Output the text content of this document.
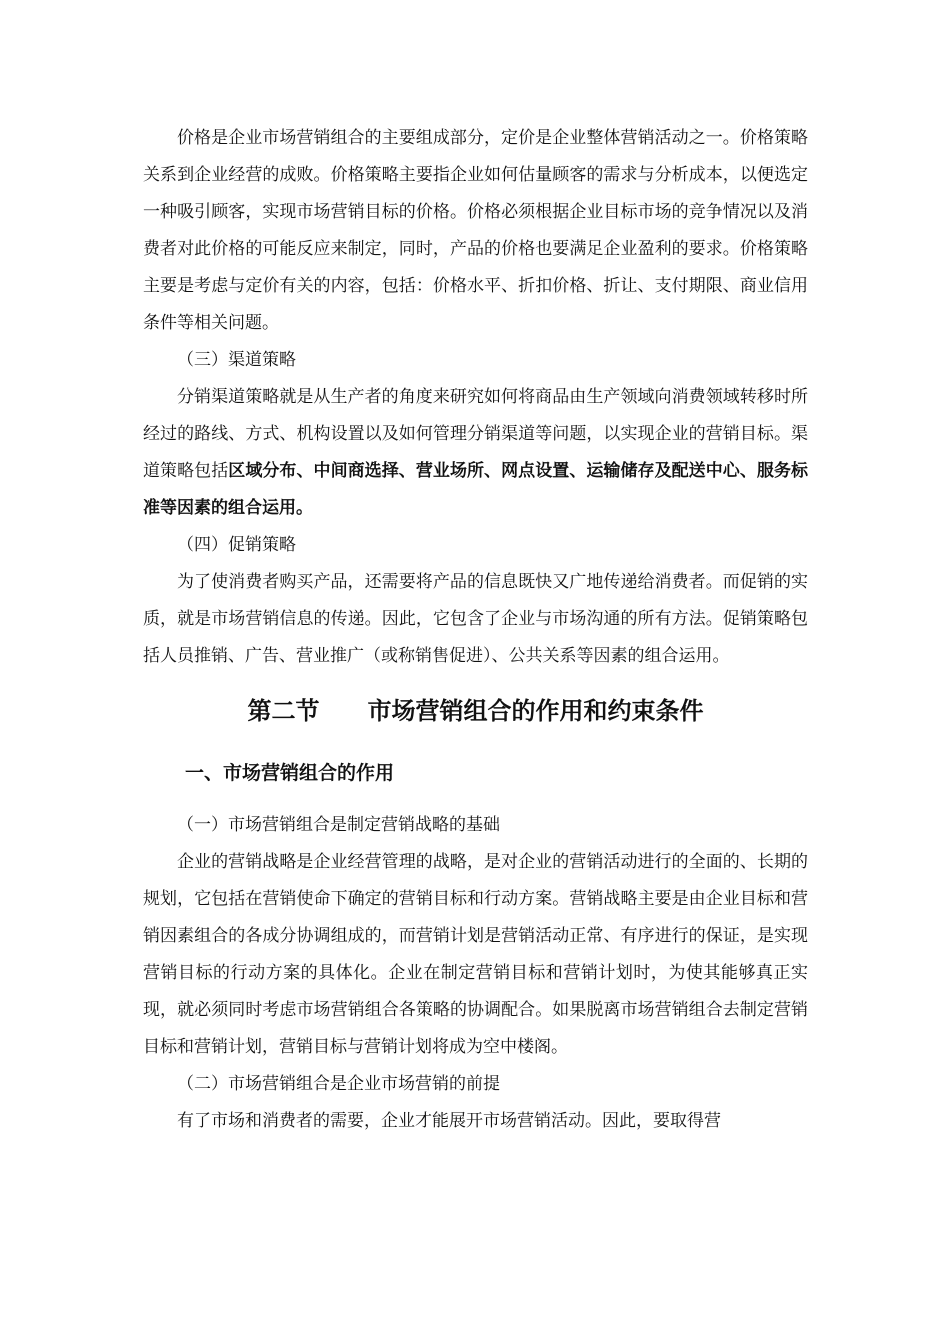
价格是企业市场营销组合的主要组成部分，定价是企业整体营销活动之一。价格策略关系到企业经营的成败。价格策略主要指企业如何估量顾客的需求与分析成本，以便选定一种吸引顾客，实现市场营销目标的价格。价格必须根据企业目标市场的竞争情况以及消费者对此价格的可能反应来制定，同时，产品的价格也要满足企业盈利的要求。价格策略主要是考虑与定价有关的内容，包括：价格水平、折扣价格、折让、支付期限、商业信用条件等相关问题。

（三）渠道策略

分销渠道策略就是从生产者的角度来研究如何将商品由生产领域向消费领域转移时所经过的路线、方式、机构设置以及如何管理分销渠道等问题，以实现企业的营销目标。渠道策略包括区域分布、中间商选择、营业场所、网点设置、运输储存及配送中心、服务标准等因素的组合运用。

（四）促销策略

为了使消费者购买产品，还需要将产品的信息既快又广地传递给消费者。而促销的实质，就是市场营销信息的传递。因此，它包含了企业与市场沟通的所有方法。促销策略包括人员推销、广告、营业推广（或称销售促进）、公共关系等因素的组合运用。

第二节　　市场营销组合的作用和约束条件
一、市场营销组合的作用

（一）市场营销组合是制定营销战略的基础

企业的营销战略是企业经营管理的战略，是对企业的营销活动进行的全面的、长期的规划，它包括在营销使命下确定的营销目标和行动方案。营销战略主要是由企业目标和营销因素组合的各成分协调组成的，而营销计划是营销活动正常、有序进行的保证，是实现营销目标的行动方案的具体化。企业在制定营销目标和营销计划时，为使其能够真正实现，就必须同时考虑市场营销组合各策略的协调配合。如果脱离市场营销组合去制定营销目标和营销计划，营销目标与营销计划将成为空中楼阁。

（二）市场营销组合是企业市场营销的前提

有了市场和消费者的需要，企业才能展开市场营销活动。因此，要取得营
